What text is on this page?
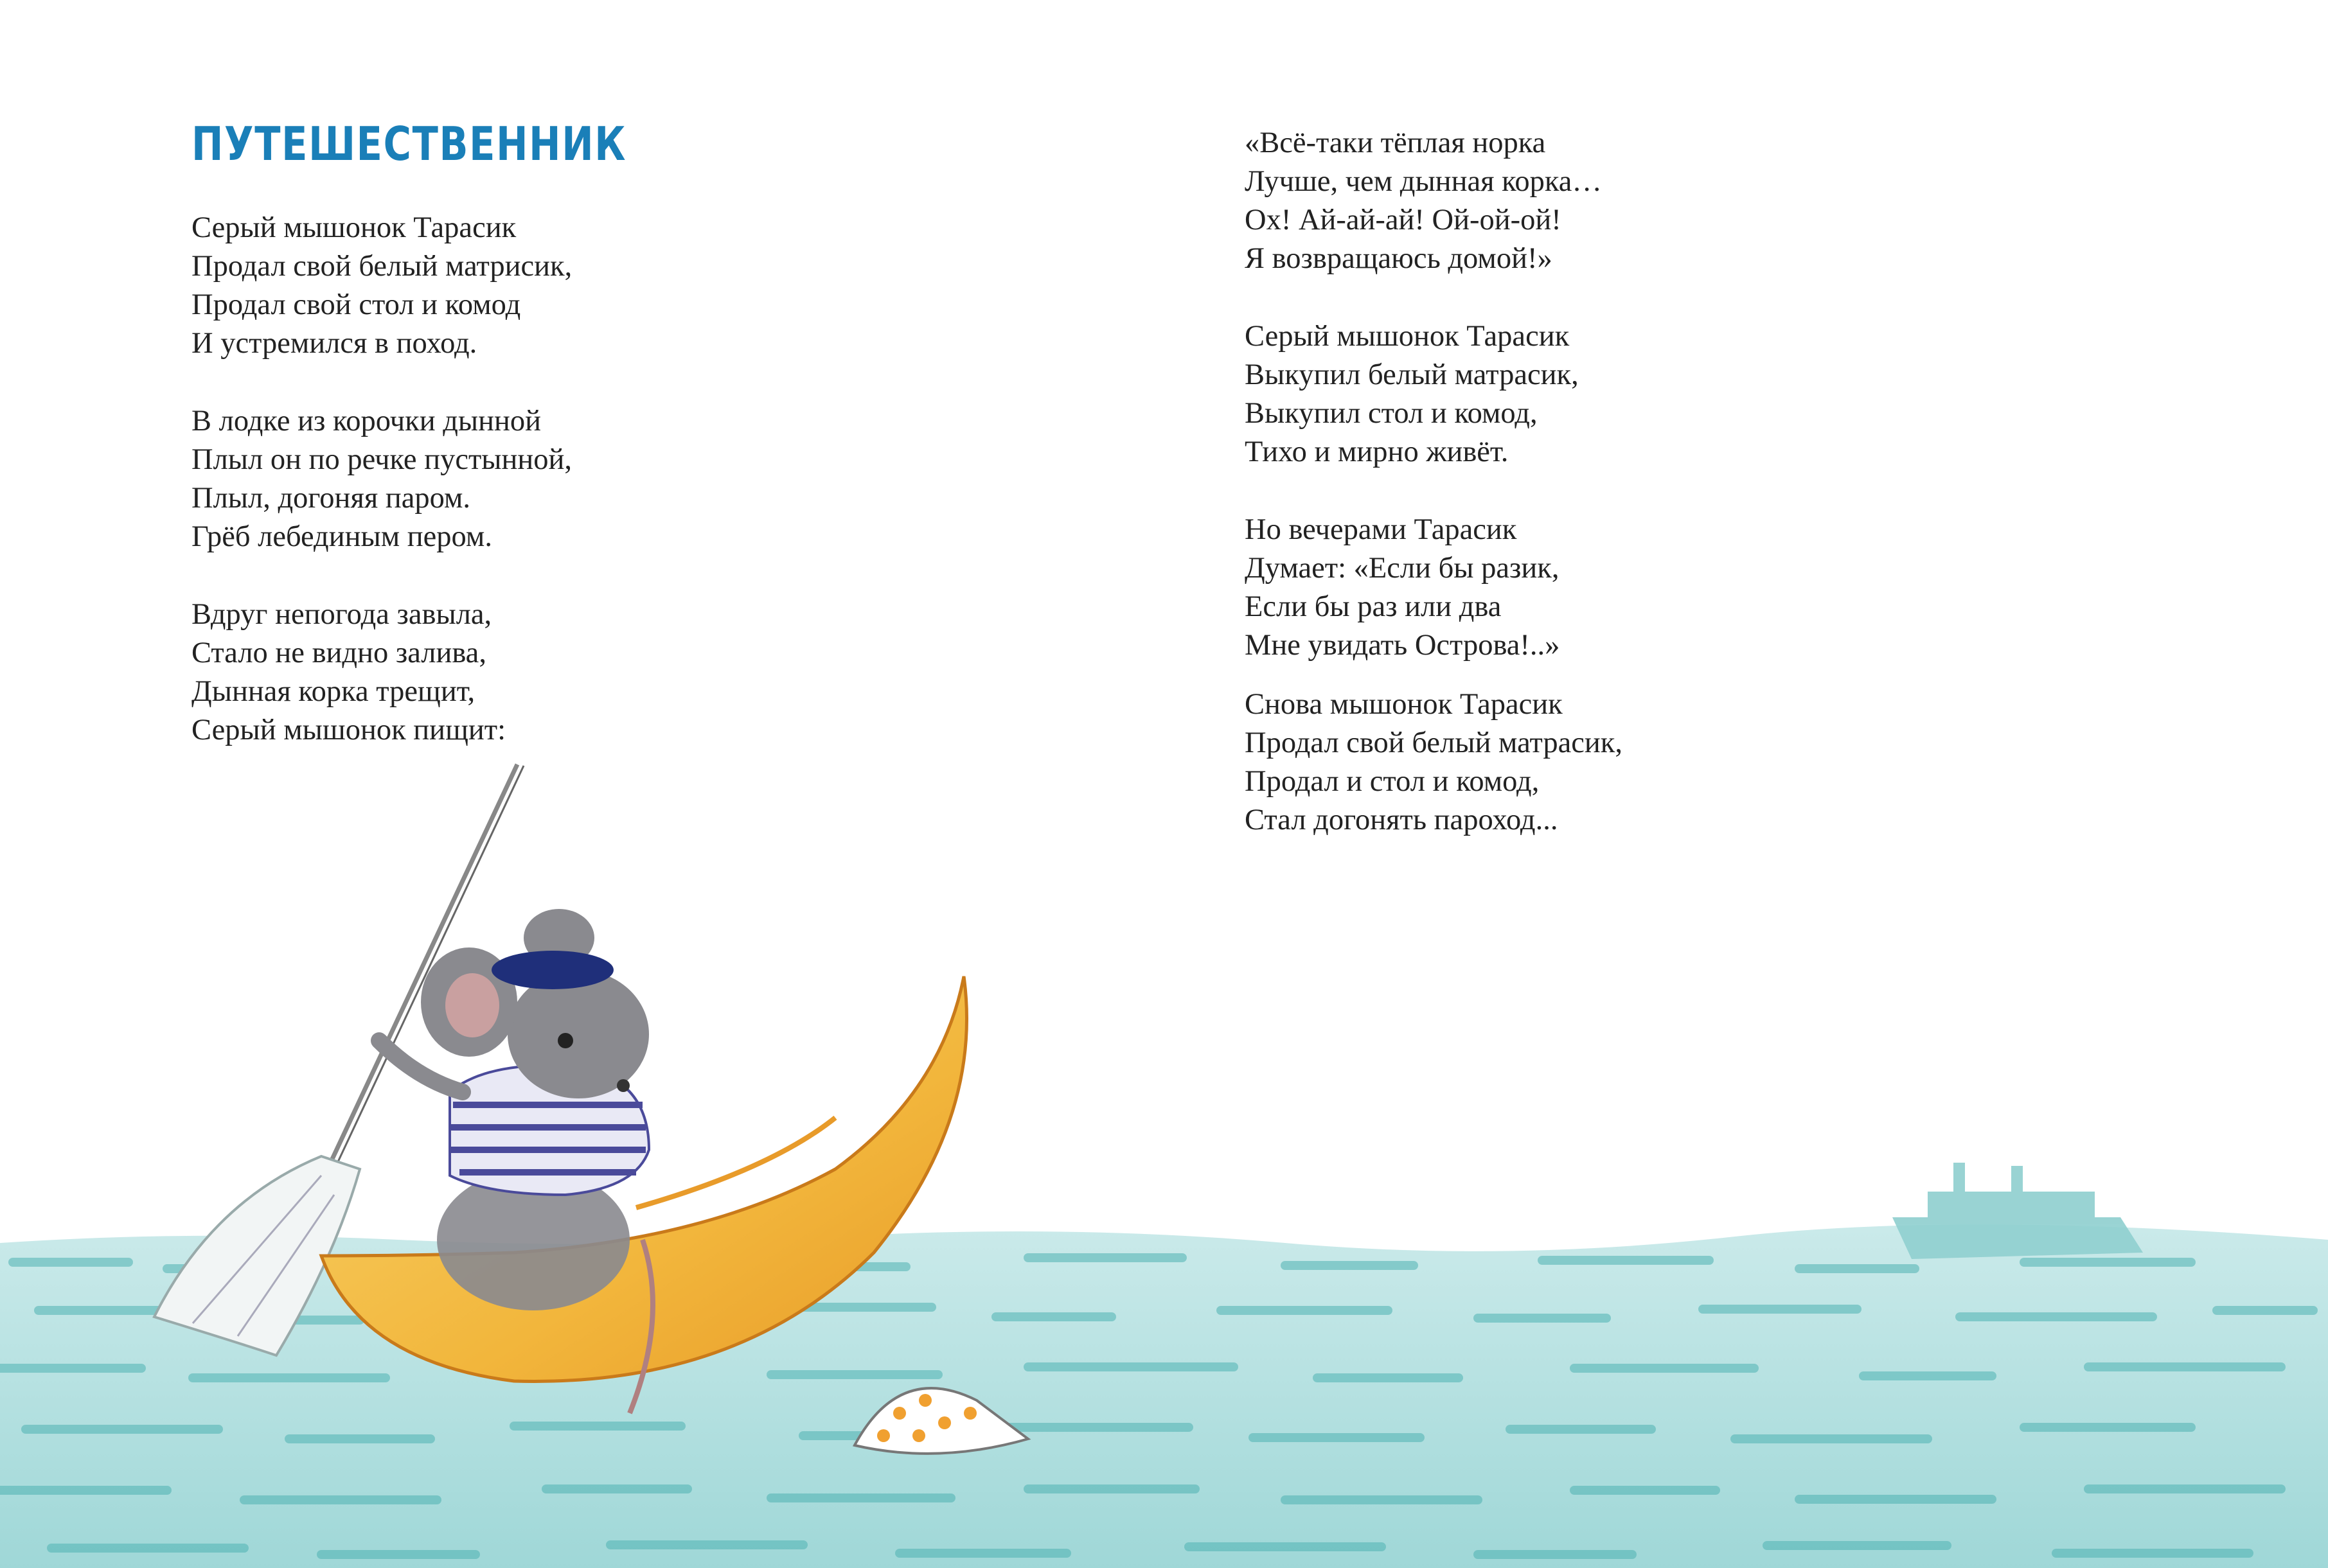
ПУТЕШЕСТВЕННИК
Серый мышонок Тарасик
Продал свой белый матрисик,
Продал свой стол и комод
И устремился в поход.
В лодке из корочки дынной
Плыл он по речке пустынной,
Плыл, догоняя паром.
Грёб лебединым пером.
Вдруг непогода завыла,
Стало не видно залива,
Дынная корка трещит,
Серый мышонок пищит:
«Всё-таки тёплая норка
Лучше, чем дынная корка…
Ох! Ай-ай-ай! Ой-ой-ой!
Я возвращаюсь домой!»
Серый мышонок Тарасик
Выкупил белый матрасик,
Выкупил стол и комод,
Тихо и мирно живёт.
Но вечерами Тарасик
Думает: «Если бы разик,
Если бы раз или два
Мне увидать Острова!..»
Снова мышонок Тарасик
Продал свой белый матрасик,
Продал и стол и комод,
Стал догонять пароход...
